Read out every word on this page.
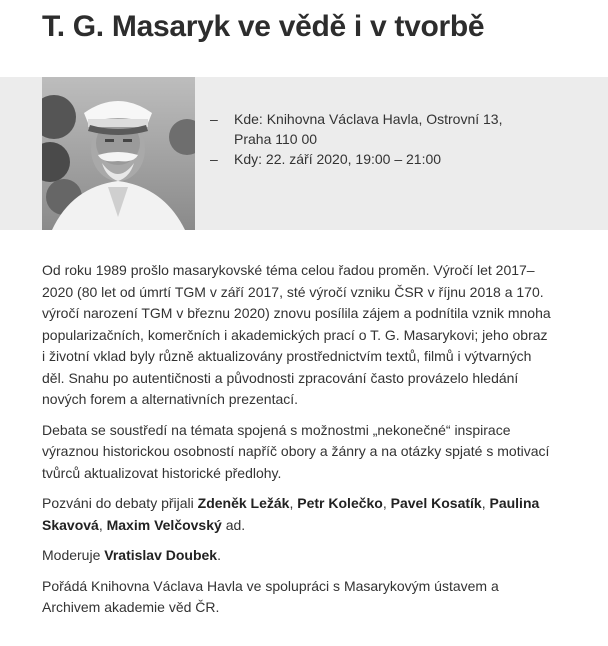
T. G. Masaryk ve vědě i v tvorbě
– Kde: Knihovna Václava Havla, Ostrovní 13, Praha 110 00
– Kdy: 22. září 2020, 19:00 – 21:00

Od roku 1989 prošlo masarykovské téma celou řadou proměn. Výročí let 2017–2020 (80 let od úmrtí TGM v září 2017, sté výročí vzniku ČSR v říjnu 2018 a 170. výročí narození TGM v březnu 2020) znovu posílila zájem a podnítila vznik mnoha popularizačních, komerčních i akademických prací o T. G. Masarykovi; jeho obraz i životní vklad byly různě aktualizovány prostřednictvím textů, filmů i výtvarných děl. Snahu po autentičnosti a původnosti zpracování často provázelo hledání nových forem a alternativních prezentací.

Debata se soustředí na témata spojená s možnostmi „nekonečné“ inspirace výraznou historickou osobností napříč obory a žánry a na otázky spjaté s motivací tvůrců aktualizovat historické předlohy.

Pozváni do debaty přijali Zdeněk Ležák, Petr Kolečko, Pavel Kosatík, Paulina Skavová, Maxim Velčovský ad.

Moderuje Vratislav Doubek.

Pořádá Knihovna Václava Havla ve spolupráci s Masarykovým ústavem a Archivem akademie věd ČR.
